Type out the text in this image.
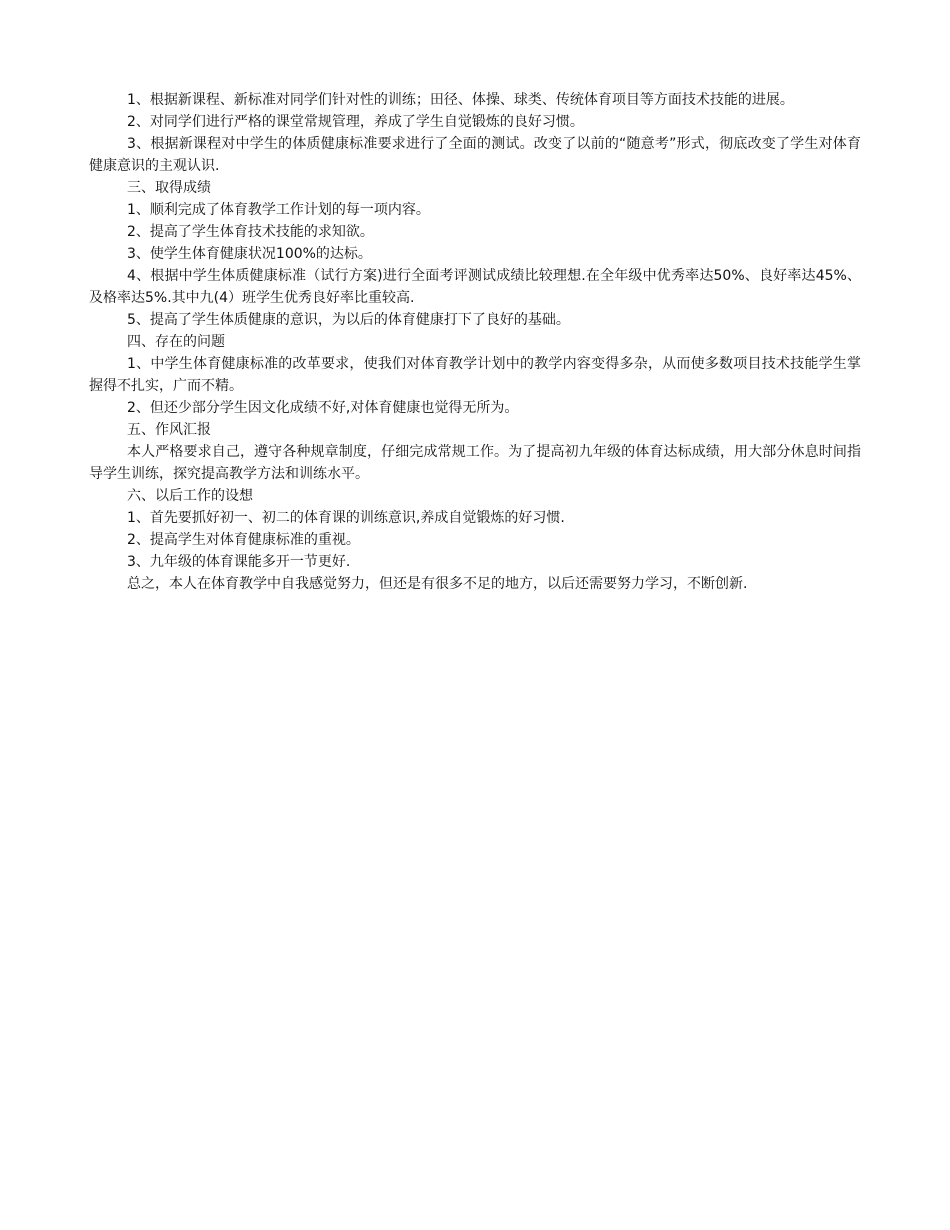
1、根据新课程、新标准对同学们针对性的训练；田径、体操、球类、传统体育项目等方面技术技能的进展。

2、对同学们进行严格的课堂常规管理，养成了学生自觉锻炼的良好习惯。

3、根据新课程对中学生的体质健康标准要求进行了全面的测试。改变了以前的“随意考”形式，彻底改变了学生对体育健康意识的主观认识.

三、取得成绩

1、顺利完成了体育教学工作计划的每一项内容。

2、提高了学生体育技术技能的求知欲。

3、使学生体育健康状况100%的达标。

4、根据中学生体质健康标准（试行方案)进行全面考评测试成绩比较理想.在全年级中优秀率达50%、良好率达45%、及格率达5%.其中九(4）班学生优秀良好率比重较高.

5、提高了学生体质健康的意识，为以后的体育健康打下了良好的基础。

四、存在的问题

1、中学生体育健康标准的改革要求，使我们对体育教学计划中的教学内容变得多杂，从而使多数项目技术技能学生掌握得不扎实，广而不精。

2、但还少部分学生因文化成绩不好,对体育健康也觉得无所为。

五、作风汇报

本人严格要求自己，遵守各种规章制度，仔细完成常规工作。为了提高初九年级的体育达标成绩，用大部分休息时间指导学生训练，探究提高教学方法和训练水平。

六、以后工作的设想

1、首先要抓好初一、初二的体育课的训练意识,养成自觉锻炼的好习惯.

2、提高学生对体育健康标准的重视。

3、九年级的体育课能多开一节更好.

总之，本人在体育教学中自我感觉努力，但还是有很多不足的地方，以后还需要努力学习，不断创新.
